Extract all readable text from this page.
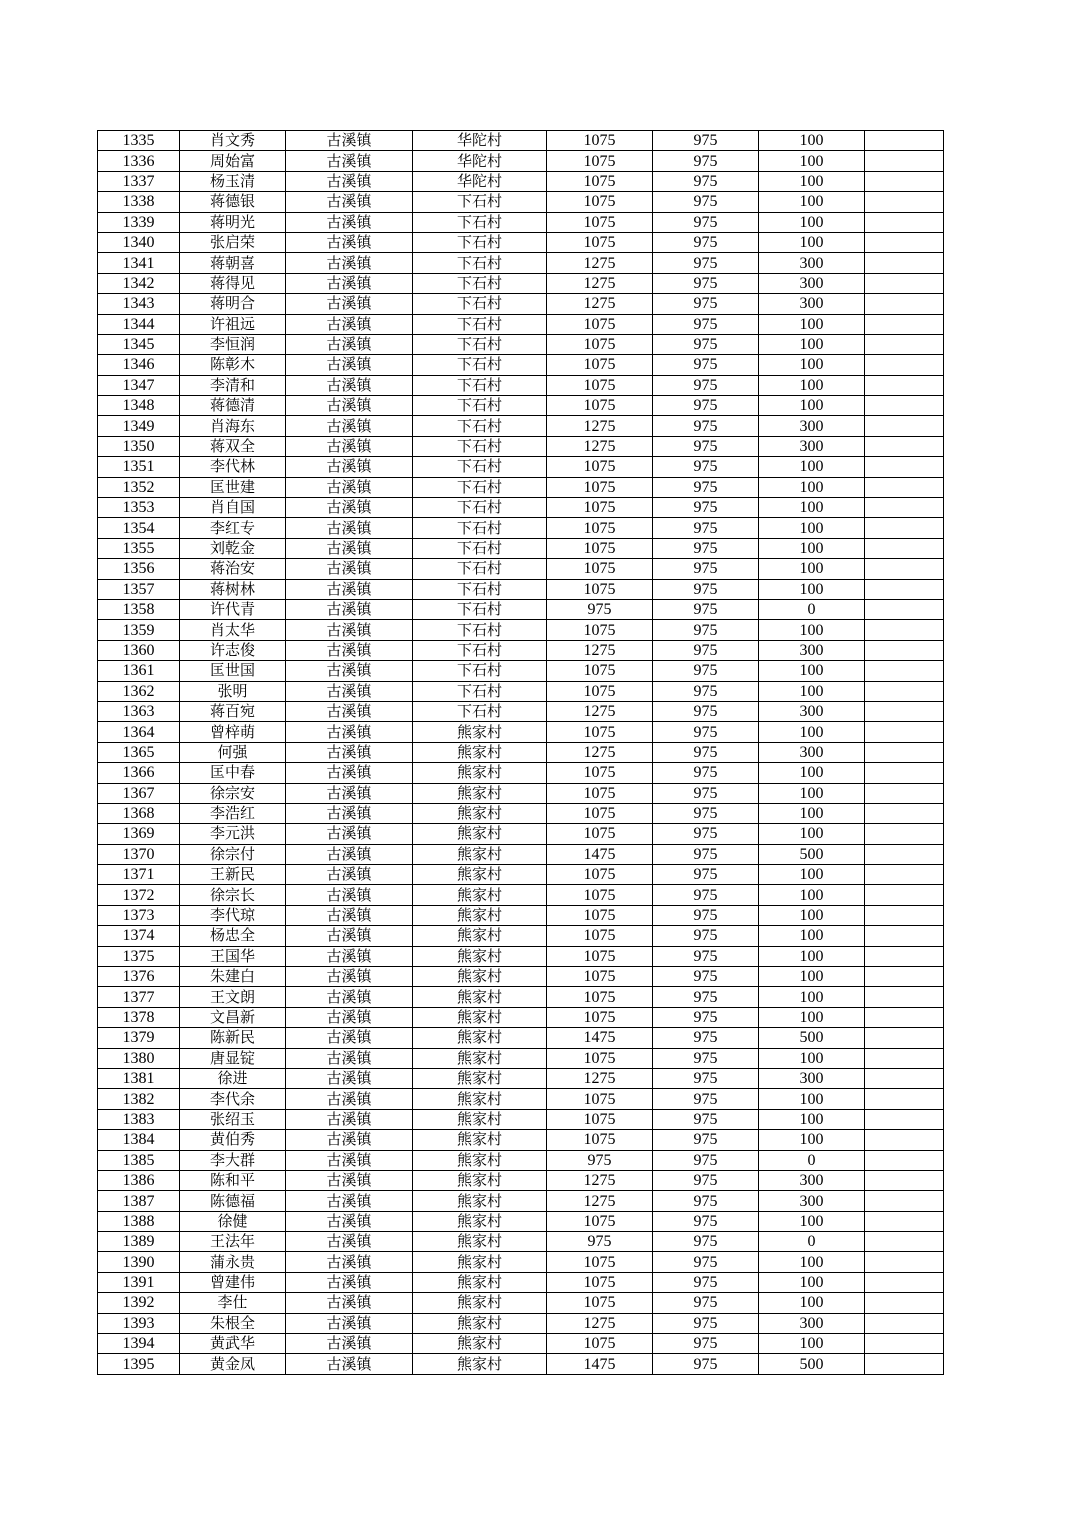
1335	肖文秀	古溪镇	华陀村	1075	975	100	
1336	周始富	古溪镇	华陀村	1075	975	100	
1337	杨玉清	古溪镇	华陀村	1075	975	100	
1338	蒋德银	古溪镇	下石村	1075	975	100	
1339	蒋明光	古溪镇	下石村	1075	975	100	
1340	张启荣	古溪镇	下石村	1075	975	100	
1341	蒋朝喜	古溪镇	下石村	1275	975	300	
1342	蒋得见	古溪镇	下石村	1275	975	300	
1343	蒋明合	古溪镇	下石村	1275	975	300	
1344	许祖远	古溪镇	下石村	1075	975	100	
1345	李恒润	古溪镇	下石村	1075	975	100	
1346	陈彰木	古溪镇	下石村	1075	975	100	
1347	李清和	古溪镇	下石村	1075	975	100	
1348	蒋德清	古溪镇	下石村	1075	975	100	
1349	肖海东	古溪镇	下石村	1275	975	300	
1350	蒋双全	古溪镇	下石村	1275	975	300	
1351	李代林	古溪镇	下石村	1075	975	100	
1352	匡世建	古溪镇	下石村	1075	975	100	
1353	肖自国	古溪镇	下石村	1075	975	100	
1354	李红专	古溪镇	下石村	1075	975	100	
1355	刘乾金	古溪镇	下石村	1075	975	100	
1356	蒋治安	古溪镇	下石村	1075	975	100	
1357	蒋树林	古溪镇	下石村	1075	975	100	
1358	许代青	古溪镇	下石村	975	975	0	
1359	肖太华	古溪镇	下石村	1075	975	100	
1360	许志俊	古溪镇	下石村	1275	975	300	
1361	匡世国	古溪镇	下石村	1075	975	100	
1362	张明	古溪镇	下石村	1075	975	100	
1363	蒋百宛	古溪镇	下石村	1275	975	300	
1364	曾梓萌	古溪镇	熊家村	1075	975	100	
1365	何强	古溪镇	熊家村	1275	975	300	
1366	匡中春	古溪镇	熊家村	1075	975	100	
1367	徐宗安	古溪镇	熊家村	1075	975	100	
1368	李浩红	古溪镇	熊家村	1075	975	100	
1369	李元洪	古溪镇	熊家村	1075	975	100	
1370	徐宗付	古溪镇	熊家村	1475	975	500	
1371	王新民	古溪镇	熊家村	1075	975	100	
1372	徐宗长	古溪镇	熊家村	1075	975	100	
1373	李代琼	古溪镇	熊家村	1075	975	100	
1374	杨忠全	古溪镇	熊家村	1075	975	100	
1375	王国华	古溪镇	熊家村	1075	975	100	
1376	朱建白	古溪镇	熊家村	1075	975	100	
1377	王文朗	古溪镇	熊家村	1075	975	100	
1378	文昌新	古溪镇	熊家村	1075	975	100	
1379	陈新民	古溪镇	熊家村	1475	975	500	
1380	唐显锭	古溪镇	熊家村	1075	975	100	
1381	徐进	古溪镇	熊家村	1275	975	300	
1382	李代余	古溪镇	熊家村	1075	975	100	
1383	张绍玉	古溪镇	熊家村	1075	975	100	
1384	黄伯秀	古溪镇	熊家村	1075	975	100	
1385	李大群	古溪镇	熊家村	975	975	0	
1386	陈和平	古溪镇	熊家村	1275	975	300	
1387	陈德福	古溪镇	熊家村	1275	975	300	
1388	徐健	古溪镇	熊家村	1075	975	100	
1389	王法年	古溪镇	熊家村	975	975	0	
1390	蒲永贵	古溪镇	熊家村	1075	975	100	
1391	曾建伟	古溪镇	熊家村	1075	975	100	
1392	李仕	古溪镇	熊家村	1075	975	100	
1393	朱根全	古溪镇	熊家村	1275	975	300	
1394	黄武华	古溪镇	熊家村	1075	975	100	
1395	黄金凤	古溪镇	熊家村	1475	975	500	
